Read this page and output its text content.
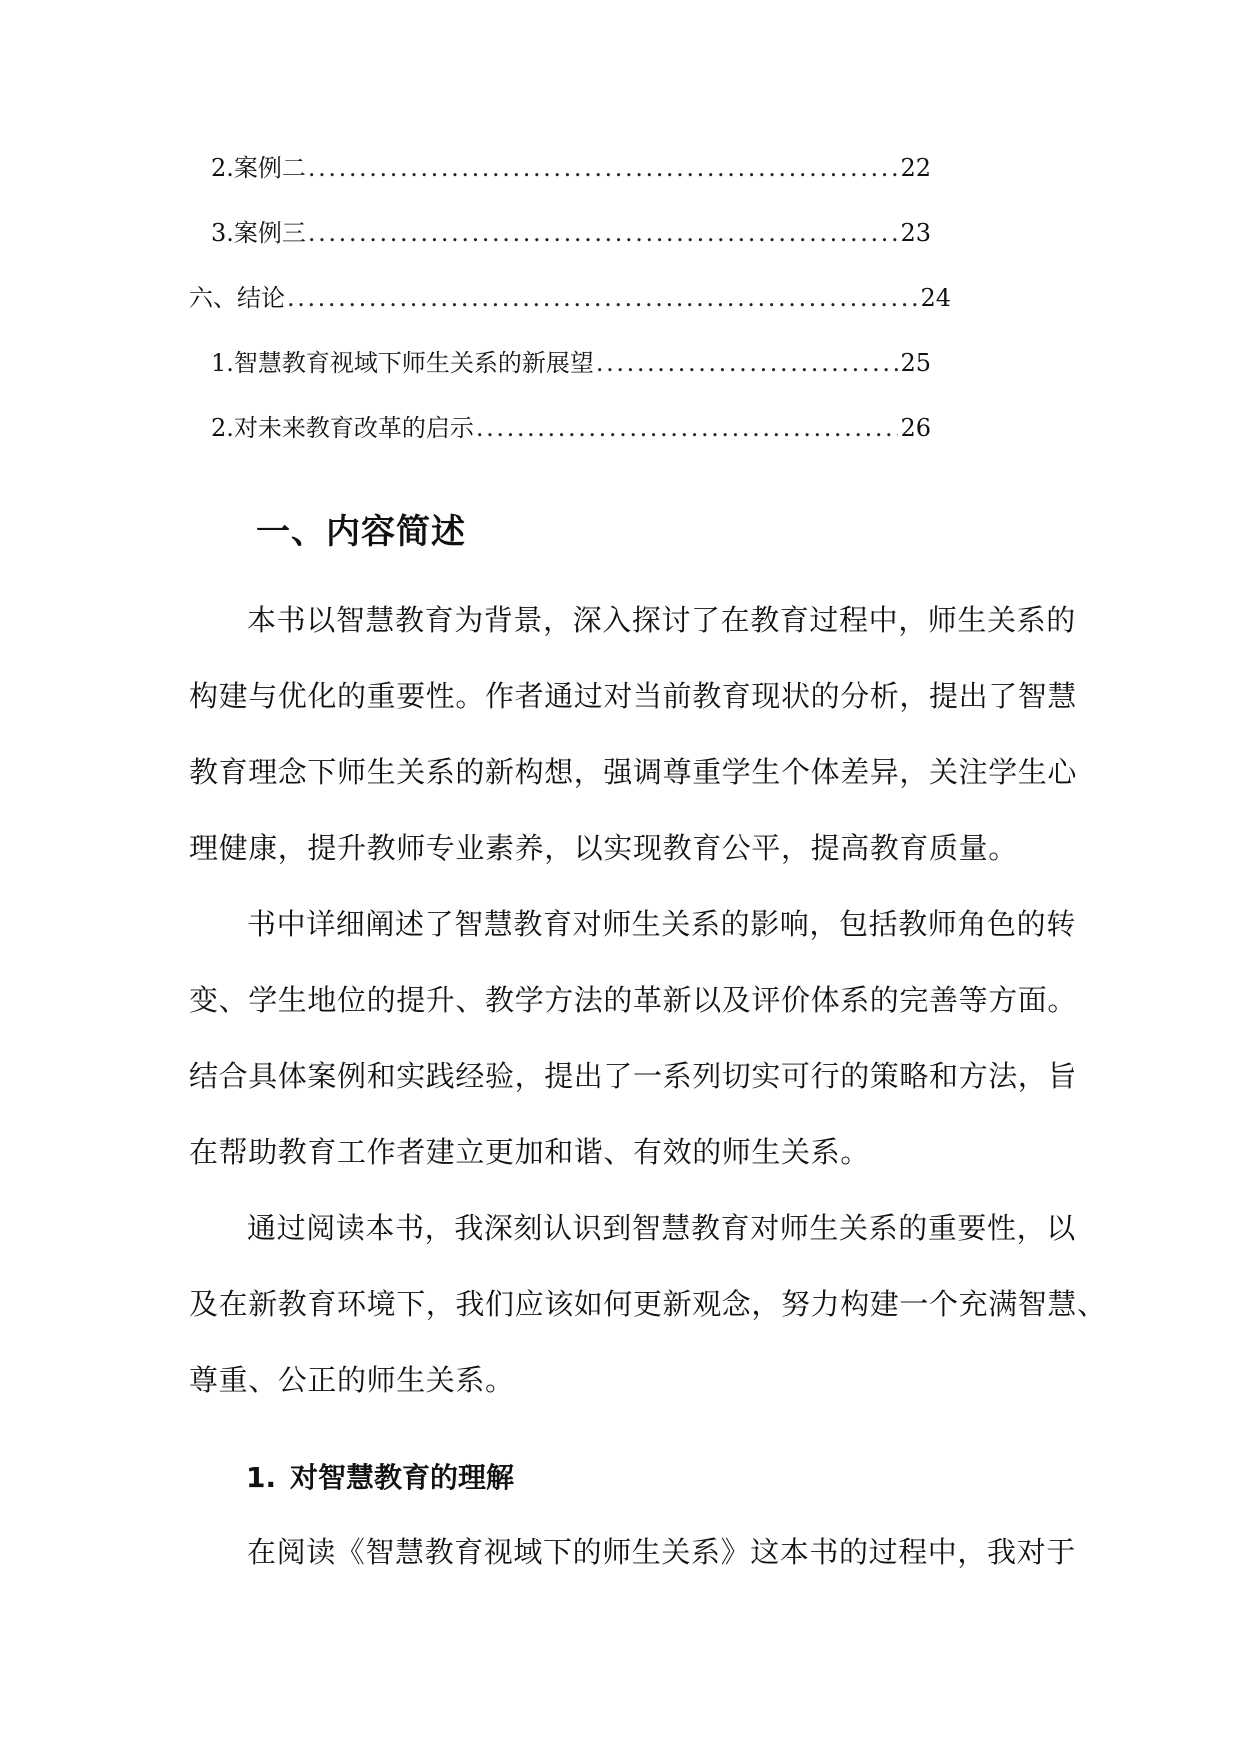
2. 案例二 .....	22
3. 案例三 .....	23
六、结论 .....	24
1. 智慧教育视域下师生关系的新展望 .....	25
2. 对未来教育改革的启示 .....	26
一、内容简述
本书以智慧教育为背景，深入探讨了在教育过程中，师生关系的
构建与优化的重要性。作者通过对当前教育现状的分析，提出了智慧
教育理念下师生关系的新构想，强调尊重学生个体差异，关注学生心
理健康，提升教师专业素养，以实现教育公平，提高教育质量。
书中详细阐述了智慧教育对师生关系的影响，包括教师角色的转
变、学生地位的提升、教学方法的革新以及评价体系的完善等方面。
结合具体案例和实践经验，提出了一系列切实可行的策略和方法，旨
在帮助教育工作者建立更加和谐、有效的师生关系。
通过阅读本书，我深刻认识到智慧教育对师生关系的重要性，以
及在新教育环境下，我们应该如何更新观念，努力构建一个充满智慧、
尊重、公正的师生关系。
1. 对智慧教育的理解
在阅读《智慧教育视域下的师生关系》这本书的过程中，我对于
